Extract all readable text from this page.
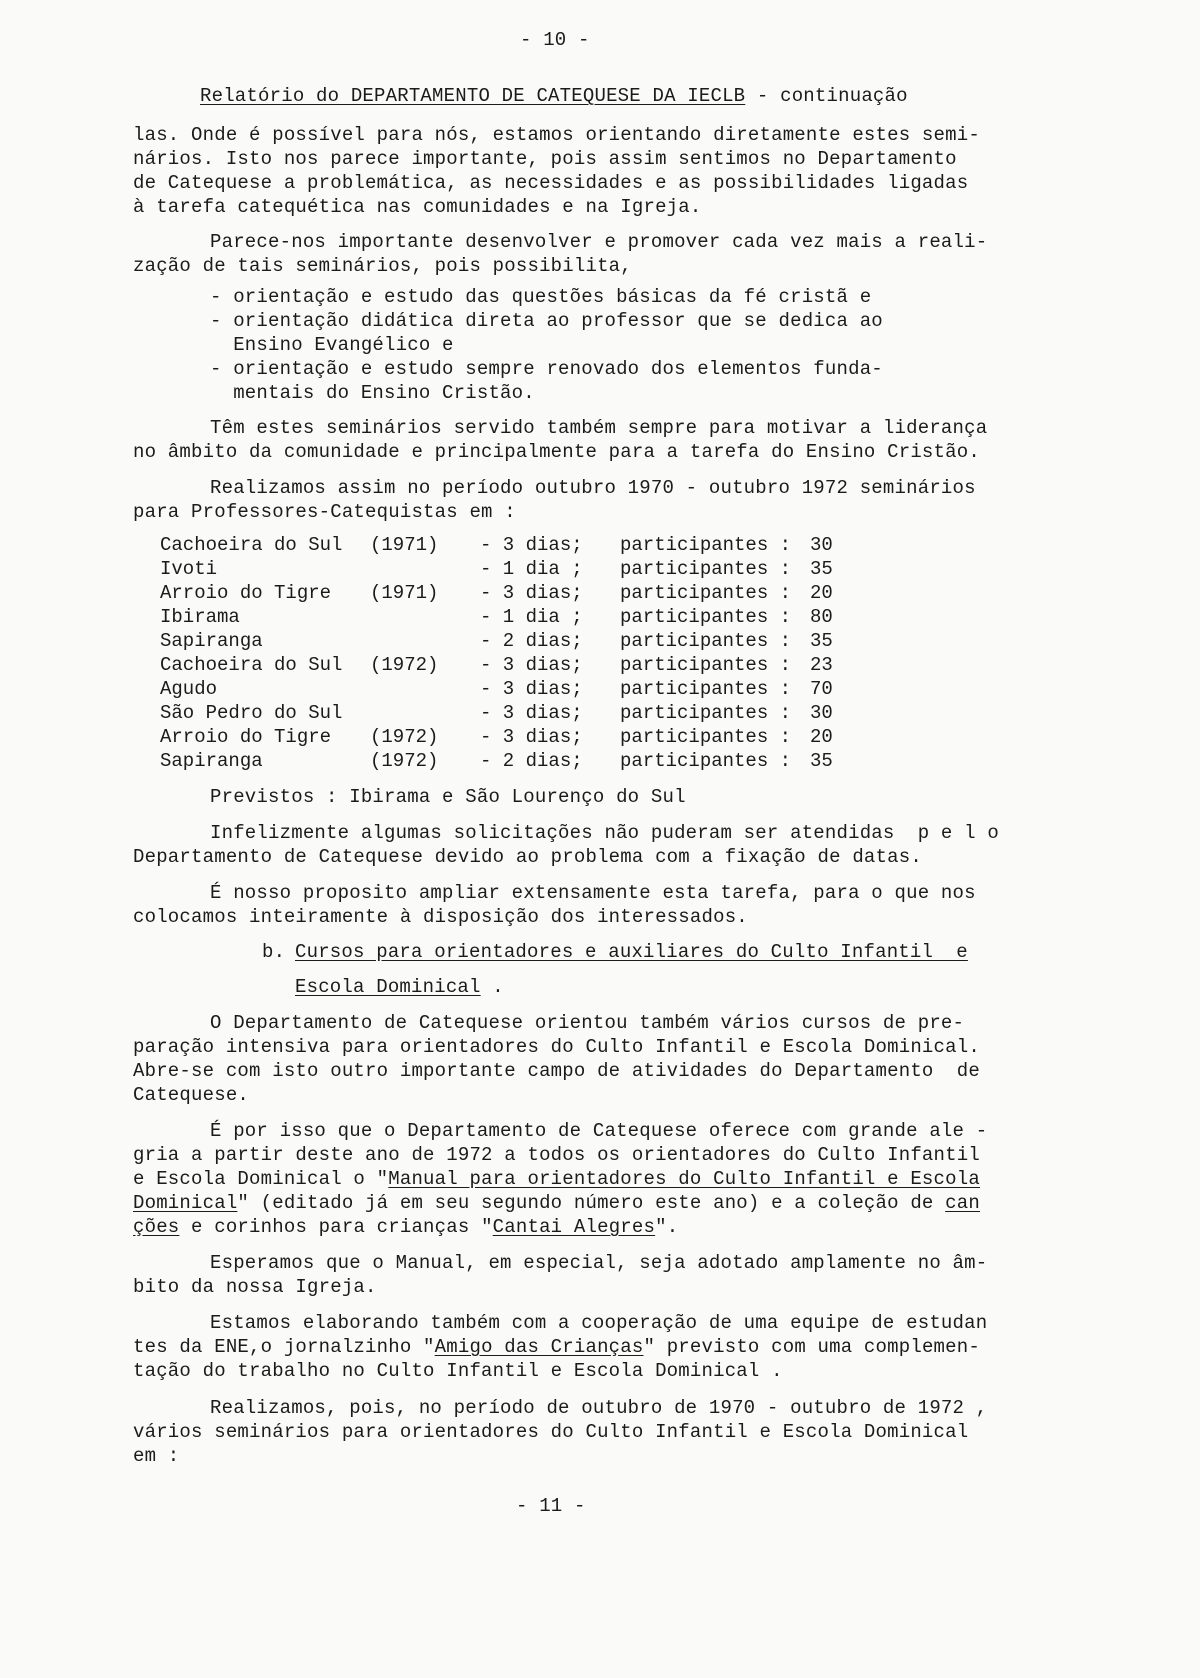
- 10 -
Relatório do DEPARTAMENTO DE CATEQUESE DA IECLB - continuação
las. Onde é possível para nós, estamos orientando diretamente estes semi-
nários. Isto nos parece importante, pois assim sentimos no Departamento
de Catequese a problemática, as necessidades e as possibilidades ligadas
à tarefa catequética nas comunidades e na Igreja.
Parece-nos importante desenvolver e promover cada vez mais a reali-
zação de tais seminários, pois possibilita,
- orientação e estudo das questões básicas da fé cristã e
- orientação didática direta ao professor que se dedica ao
Ensino Evangélico e
- orientação e estudo sempre renovado dos elementos funda-
mentais do Ensino Cristão.
Têm estes seminários servido também sempre para motivar a liderança
no âmbito da comunidade e principalmente para a tarefa do Ensino Cristão.
Realizamos assim no período outubro 1970 - outubro 1972 seminários
para Professores-Catequistas em :
Cachoeira do Sul (1971) - 3 dias; participantes : 30
Ivoti	- 1 dia ; participantes : 35
Arroio do Tigre (1971) - 3 dias; participantes : 20
Ibirama	- 1 dia ; participantes : 80
Sapiranga	- 2 dias; participantes : 35
Cachoeira do Sul (1972) - 3 dias; participantes : 23
Agudo	- 3 dias; participantes : 70
São Pedro do Sul	- 3 dias; participantes : 30
Arroio do Tigre (1972) - 3 dias; participantes : 20
Sapiranga	(1972) - 2 dias; participantes : 35
Previstos : Ibirama e São Lourenço do Sul
Infelizmente algumas solicitações não puderam ser atendidas  p e l o
Departamento de Catequese devido ao problema com a fixação de datas.
É nosso proposito ampliar extensamente esta tarefa, para o que nos
colocamos inteiramente à disposição dos interessados.
b. Cursos para orientadores e auxiliares do Culto Infantil  e
Escola Dominical .
O Departamento de Catequese orientou também vários cursos de pre-
paração intensiva para orientadores do Culto Infantil e Escola Dominical.
Abre-se com isto outro importante campo de atividades do Departamento  de
Catequese.
É por isso que o Departamento de Catequese oferece com grande ale -
gria a partir deste ano de 1972 a todos os orientadores do Culto Infantil
e Escola Dominical o "Manual para orientadores do Culto Infantil e Escola
Dominical" (editado já em seu segundo número este ano) e a coleção de can
ções e corinhos para crianças "Cantai Alegres".
Esperamos que o Manual, em especial, seja adotado amplamente no âm-
bito da nossa Igreja.
Estamos elaborando também com a cooperação de uma equipe de estudan
tes da ENE,o jornalzinho "Amigo das Crianças" previsto com uma complemen-
tação do trabalho no Culto Infantil e Escola Dominical .
Realizamos, pois, no período de outubro de 1970 - outubro de 1972 ,
vários seminários para orientadores do Culto Infantil e Escola Dominical
em :
- 11 -
